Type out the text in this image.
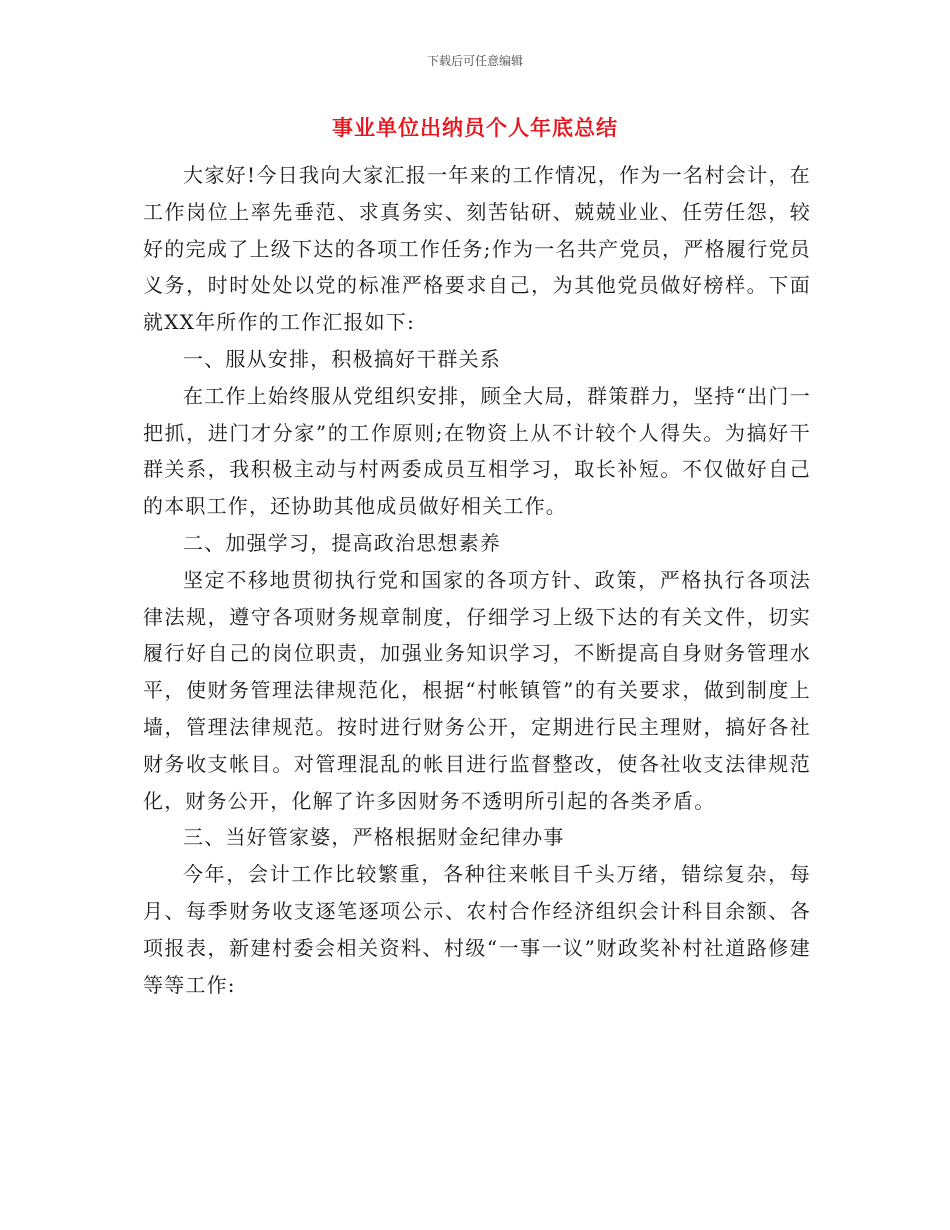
下载后可任意编辑
事业单位出纳员个人年底总结

大家好!今日我向大家汇报一年来的工作情况，作为一名村会计，在工作岗位上率先垂范、求真务实、刻苦钻研、兢兢业业、任劳任怨，较好的完成了上级下达的各项工作任务;作为一名共产党员，严格履行党员义务，时时处处以党的标准严格要求自己，为其他党员做好榜样。下面就XX年所作的工作汇报如下:

一、服从安排，积极搞好干群关系

在工作上始终服从党组织安排，顾全大局，群策群力，坚持“出门一把抓，进门才分家”的工作原则;在物资上从不计较个人得失。为搞好干群关系，我积极主动与村两委成员互相学习，取长补短。不仅做好自己的本职工作，还协助其他成员做好相关工作。

二、加强学习，提高政治思想素养

坚定不移地贯彻执行党和国家的各项方针、政策，严格执行各项法律法规，遵守各项财务规章制度，仔细学习上级下达的有关文件，切实履行好自己的岗位职责，加强业务知识学习，不断提高自身财务管理水平，使财务管理法律规范化，根据“村帐镇管”的有关要求，做到制度上墙，管理法律规范。按时进行财务公开，定期进行民主理财，搞好各社财务收支帐目。对管理混乱的帐目进行监督整改，使各社收支法律规范化，财务公开，化解了许多因财务不透明所引起的各类矛盾。

三、当好管家婆，严格根据财金纪律办事

今年，会计工作比较繁重，各种往来帐目千头万绪，错综复杂，每月、每季财务收支逐笔逐项公示、农村合作经济组织会计科目余额、各项报表，新建村委会相关资料、村级“一事一议”财政奖补村社道路修建等等工作:
